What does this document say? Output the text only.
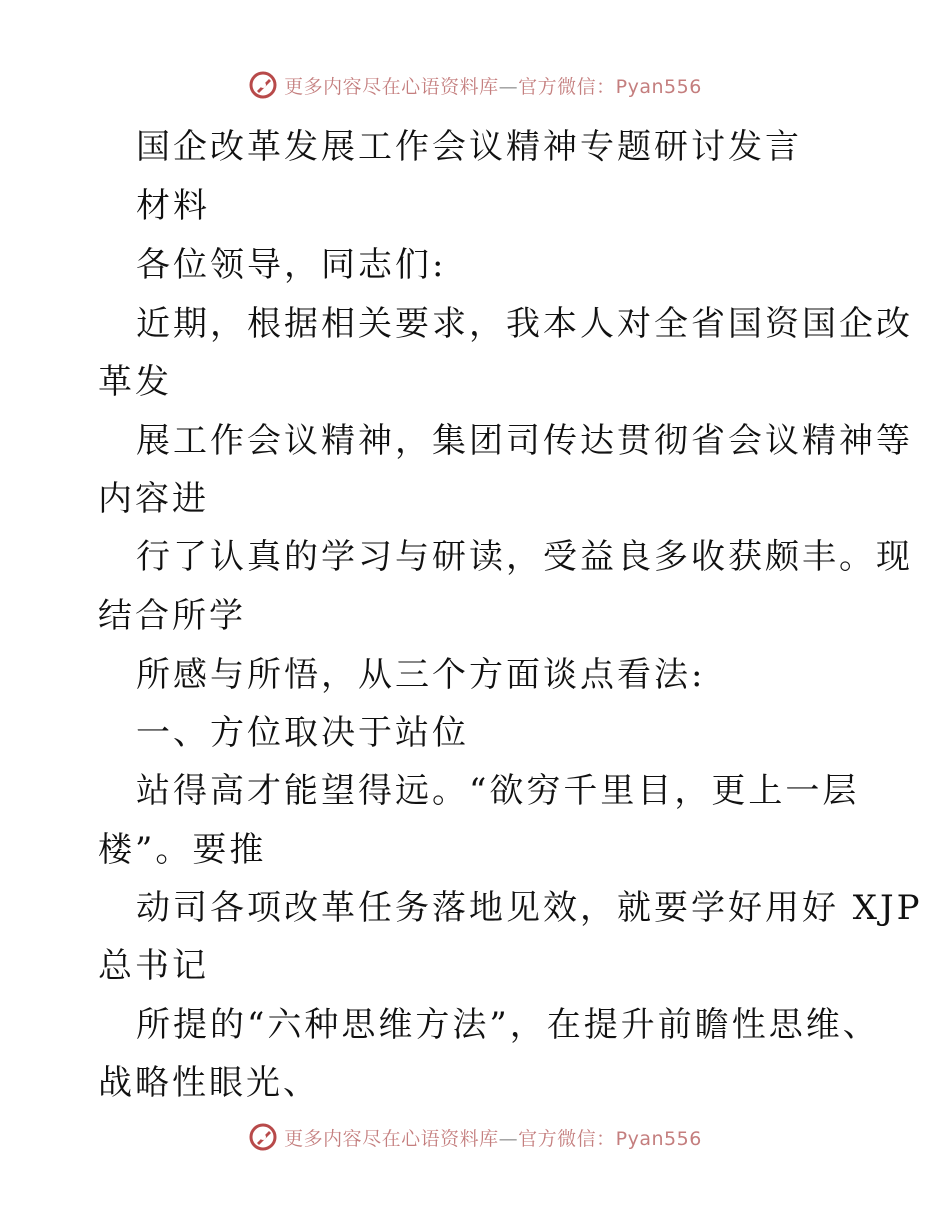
更多内容尽在心语资料库—官方微信：Pyan556
国企改革发展工作会议精神专题研讨发言
材料
各位领导，同志们:
近期，根据相关要求，我本人对全省国资国企改
革发
展工作会议精神，集团司传达贯彻省会议精神等
内容进
行了认真的学习与研读，受益良多收获颇丰。现
结合所学
所感与所悟，从三个方面谈点看法:
一、方位取决于站位
站得高才能望得远。“欲穷千里目，更上一层
楼”。要推
动司各项改革任务落地见效，就要学好用好 XJP
总书记
所提的“六种思维方法”，在提升前瞻性思维、
战略性眼光、
更多内容尽在心语资料库—官方微信：Pyan556
